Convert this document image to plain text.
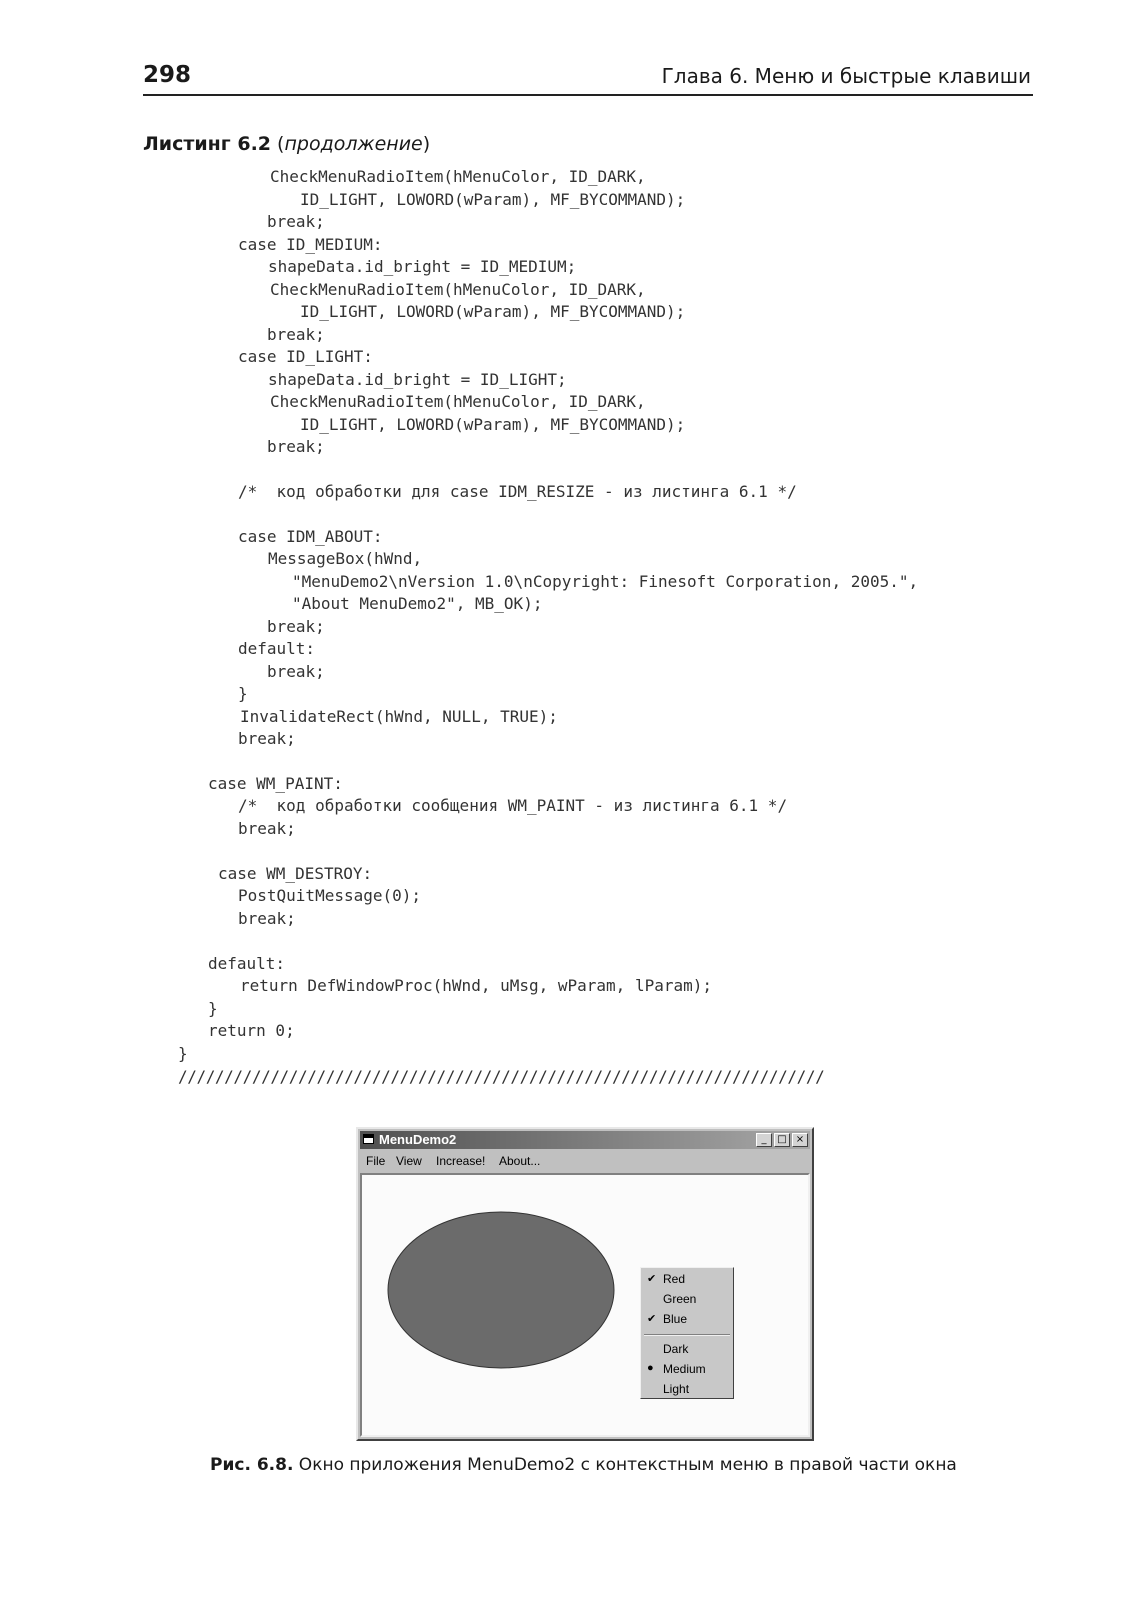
298	Глава 6. Меню и быстрые клавиши
Листинг 6.2 (продолжение)

CheckMenuRadioItem(hMenuColor, ID_DARK,

ID_LIGHT, LOWORD(wParam), MF_BYCOMMAND);

break;

case ID_MEDIUM:

shapeData.id_bright = ID_MEDIUM;

CheckMenuRadioItem(hMenuColor, ID_DARK,

ID_LIGHT, LOWORD(wParam), MF_BYCOMMAND);

break;

case ID_LIGHT:

shapeData.id_bright = ID_LIGHT;

CheckMenuRadioItem(hMenuColor, ID_DARK,

ID_LIGHT, LOWORD(wParam), MF_BYCOMMAND);

break;

/*  код обработки для case IDM_RESIZE - из листинга 6.1 */

case IDM_ABOUT:

MessageBox(hWnd,

"MenuDemo2\nVersion 1.0\nCopyright: Finesoft Corporation, 2005.",

"About MenuDemo2", MB_OK);

break;

default:

break;

}

InvalidateRect(hWnd, NULL, TRUE);

break;

case WM_PAINT:

/*  код обработки сообщения WM_PAINT - из листинга 6.1 */

break;

case WM_DESTROY:

PostQuitMessage(0);

break;

default:

return DefWindowProc(hWnd, uMsg, wParam, lParam);

}

return 0;

}

//////////////////////////////////////////////////////////////////////

MenuDemo2	_	□ ×
File View Increase! About...
✔ Red
Green
✔ Blue
Dark
● Medium
Light
Рис. 6.8. Окно приложения MenuDemo2 с контекстным меню в правой части окна
